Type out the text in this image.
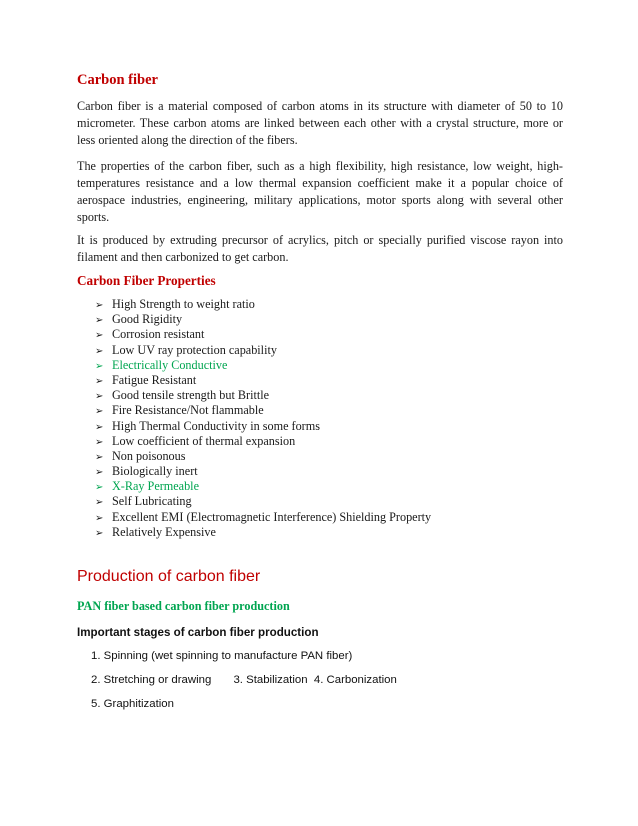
Carbon fiber

Carbon fiber is a material composed of carbon atoms in its structure with diameter of 50 to 10 micrometer. These carbon atoms are linked between each other with a crystal structure, more or less oriented along the direction of the fibers.

The properties of the carbon fiber, such as a high flexibility, high resistance, low weight, high-temperatures resistance and a low thermal expansion coefficient make it a popular choice of aerospace industries, engineering, military applications, motor sports along with several other sports.

It is produced by extruding precursor of acrylics, pitch or specially purified viscose rayon into filament and then carbonized to get carbon.

Carbon Fiber Properties
➢ High Strength to weight ratio
➢ Good Rigidity
➢ Corrosion resistant
➢ Low UV ray protection capability
➢ Electrically Conductive
➢ Fatigue Resistant
➢ Good tensile strength but Brittle
➢ Fire Resistance/Not flammable
➢ High Thermal Conductivity in some forms
➢ Low coefficient of thermal expansion
➢ Non poisonous
➢ Biologically inert
➢ X-Ray Permeable
➢ Self Lubricating
➢ Excellent EMI (Electromagnetic Interference) Shielding Property
➢ Relatively Expensive
Production of carbon fiber
PAN fiber based carbon fiber production
Important stages of carbon fiber production
1. Spinning (wet spinning to manufacture PAN fiber)
2. Stretching or drawing       3. Stabilization  4. Carbonization
5. Graphitization
